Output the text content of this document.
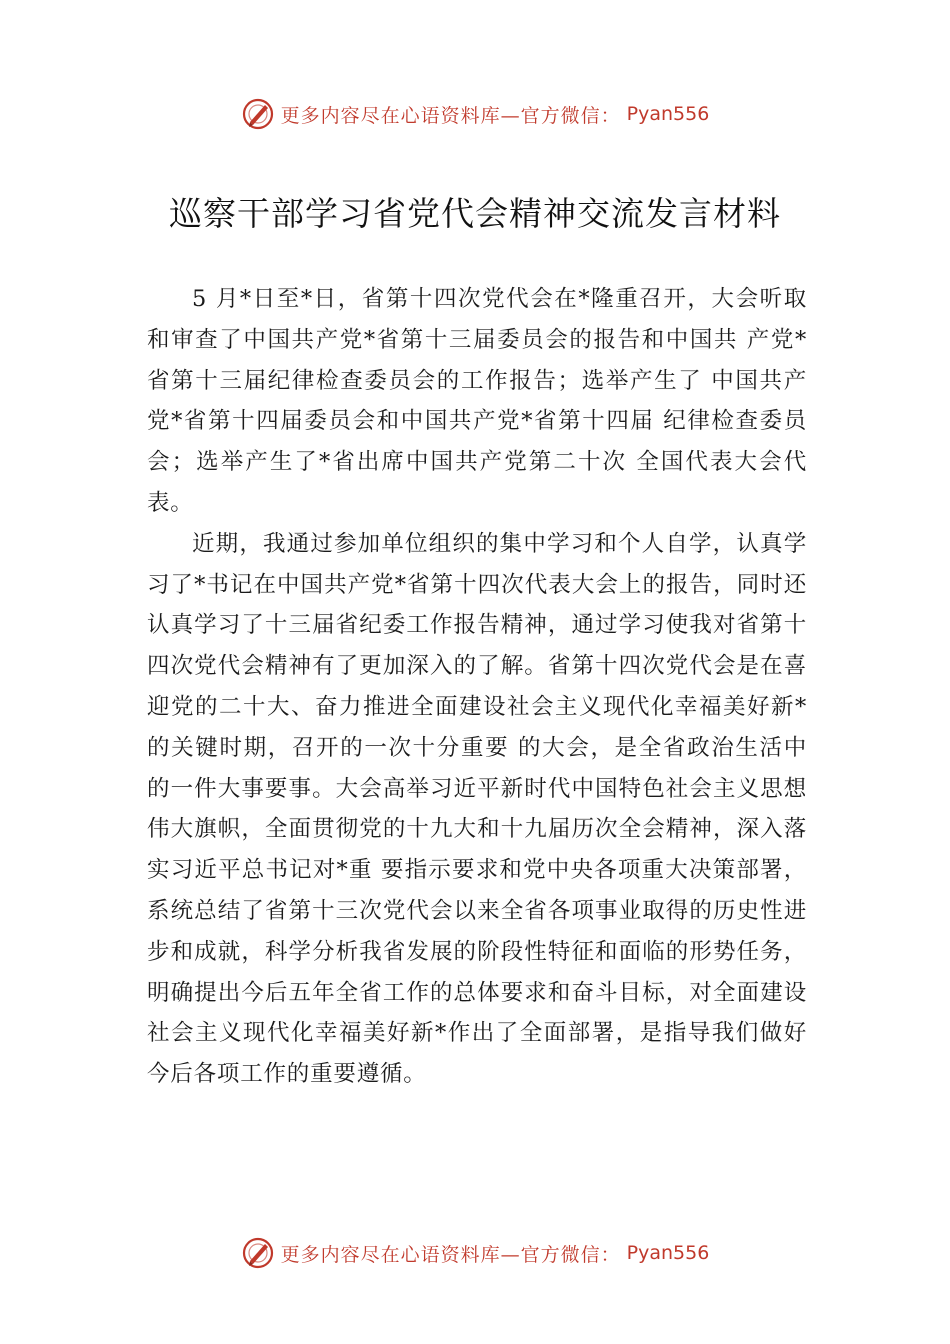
更多内容尽在心语资料库—官方微信： Pyan556
巡察干部学习省党代会精神交流发言材料

5 月*日至*日，省第十四次党代会在*隆重召开，大会听取和审查了中国共产党*省第十三届委员会的报告和中国共 产党*省第十三届纪律检查委员会的工作报告；选举产生了 中国共产党*省第十四届委员会和中国共产党*省第十四届 纪律检查委员会；选举产生了*省出席中国共产党第二十次 全国代表大会代表。

近期，我通过参加单位组织的集中学习和个人自学，认真学习了*书记在中国共产党*省第十四次代表大会上的报告，同时还认真学习了十三届省纪委工作报告精神，通过学习使我对省第十四次党代会精神有了更加深入的了解。省第十四次党代会是在喜迎党的二十大、奋力推进全面建设社会主义现代化幸福美好新*的关键时期，召开的一次十分重要 的大会，是全省政治生活中的一件大事要事。大会高举习近平新时代中国特色社会主义思想伟大旗帜，全面贯彻党的十九大和十九届历次全会精神，深入落实习近平总书记对*重 要指示要求和党中央各项重大决策部署，系统总结了省第十三次党代会以来全省各项事业取得的历史性进步和成就，科学分析我省发展的阶段性特征和面临的形势任务，明确提出今后五年全省工作的总体要求和奋斗目标，对全面建设社会主义现代化幸福美好新*作出了全面部署，是指导我们做好 今后各项工作的重要遵循。

更多内容尽在心语资料库—官方微信： Pyan556
